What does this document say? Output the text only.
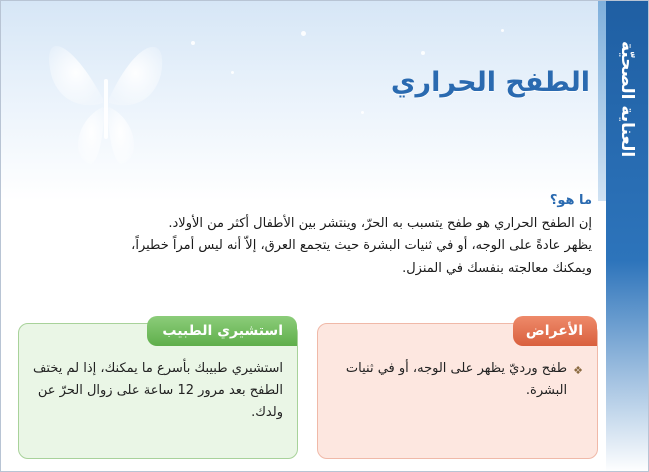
العناية الصحيّة
الطفح الحراري
ما هو؟
إن الطفح الحراري هو طفح يتسبب به الحرّ، وينتشر بين الأطفال أكثر من الأولاد.
يظهر عادةً على الوجه، أو في ثنيات البشرة حيث يتجمع العرق، إلاّ أنه ليس أمراً خطيراً،
ويمكنك معالجته بنفسك في المنزل.
الأعراض
❖
طفح ورديّ يظهر على الوجه، أو في ثنيات البشرة.
استشيري الطبيب
استشيري طبيبك بأسرع ما يمكنك، إذا لم يختف الطفح بعد مرور 12 ساعة على زوال الحرّ عن ولدك.
